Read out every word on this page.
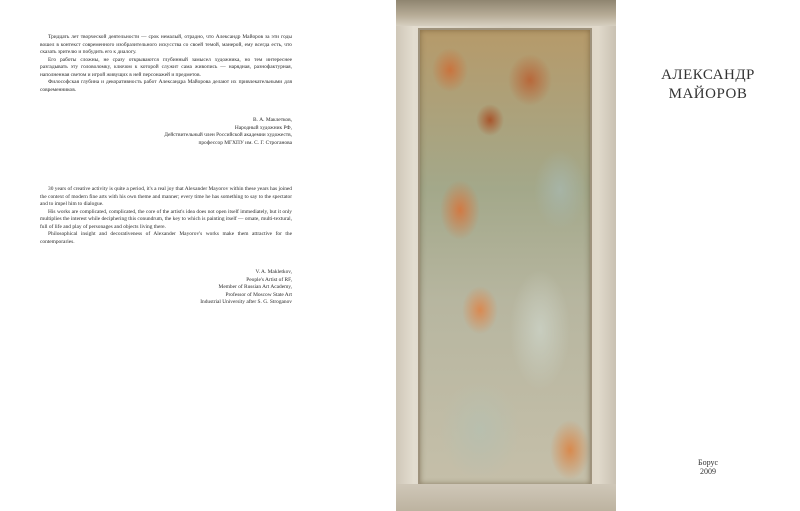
Тридцать лет творческой деятельности — срок немалый, отрадно, что Александр Майоров за эти годы вошел в контекст современного изобразительного искусства со своей темой, манерой, ему всегда есть, что сказать зрителю и побудить его к диалогу.

Его работы сложны, не сразу открываются глубинный замысел художника, но тем интереснее разгадывать эту головоломку, ключом к которой служит сама живопись — нарядная, разнофактурная, наполненная светом и игрой живущих в ней персонажей и предметов.

Философская глубина и декоративность работ Александра Майорова делают их привлекательными для современников.

В. А. Маклетков,
Народный художник РФ,
Действительный член Российской академии художеств,
профессор МГХПУ им. С. Г. Строганова

30 years of creative activity is quite a period, it's a real joy that Alexander Mayorov within these years has joined the context of modern fine arts with his own theme and manner; every time he has something to say to the spectator and to impel him to dialogue.

His works are complicated, complicated, the core of the artist's idea does not open itself immediately, but it only multiplies the interest while deciphering this conundrum, the key to which is painting itself — ornate, multi-textural, full of life and play of personages and objects living there.

Philosophical insight and decorativeness of Alexander Mayorov's works make them attractive for the contemporaries.

V. A. Makletkov,
People's Artist of RF,
Member of Russian Art Academy,
Professor of Moscow State Art
Industrial University after S. G. Stroganov
АЛЕКСАНДР
МАЙОРОВ
Борус
2009
